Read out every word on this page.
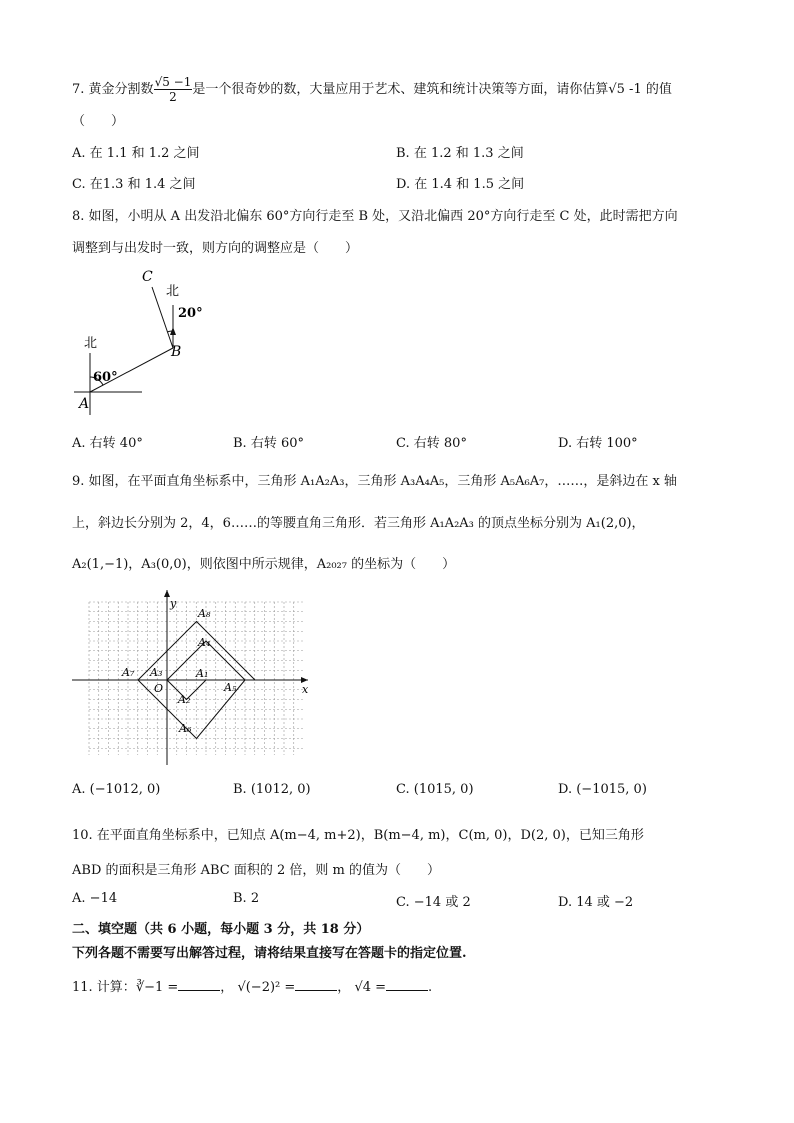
7. 黄金分割数 $\frac{√5 -1}{2}$ 是一个很奇妙的数，大量应用于艺术、建筑和统计决策等方面，请你估算√5 -1 的值
（　　）
A. 在 1.1 和 1.2 之间	B. 在 1.2 和 1.3 之间
C. 在1.3 和 1.4 之间	D. 在 1.4 和 1.5 之间
8. 如图，小明从 A 出发沿北偏东 60°方向行走至 B 处，又沿北偏西 20°方向行走至 C 处，此时需把方向
调整到与出发时一致，则方向的调整应是（　　）
C
B
A
北
北
20°
60°
A. 右转 40°	B. 右转 60°	C. 右转 80°	D. 右转 100°
9. 如图，在平面直角坐标系中，三角形 A₁A₂A₃，三角形 A₃A₄A₅，三角形 A₅A₆A₇，……，是斜边在 x 轴
上，斜边长分别为 2，4，6……的等腰直角三角形．若三角形 A₁A₂A₃ 的顶点坐标分别为 A₁(2,0)，
A₂(1,−1)，A₃(0,0)，则依图中所示规律，A₂₀₂₇ 的坐标为（　　）
y
x
O
A₁
A₂
A₃
A₄
A₅
A₆
A₇
A₈
A. (−1012, 0)	B. (1012, 0)	C. (1015, 0)	D. (−1015, 0)
10. 在平面直角坐标系中，已知点 A(m−4, m+2)，B(m−4, m)，C(m, 0)，D(2, 0)，已知三角形
ABD 的面积是三角形 ABC 面积的 2 倍，则 m 的值为（　　）
A. −14	B. 2	C. −14 或 2	D. 14 或 −2
二、填空题（共 6 小题，每小题 3 分，共 18 分）
下列各题不需要写出解答过程，请将结果直接写在答题卡的指定位置.
11. 计算：∛−1 =	， √(−2)² =	， √4 =	.
